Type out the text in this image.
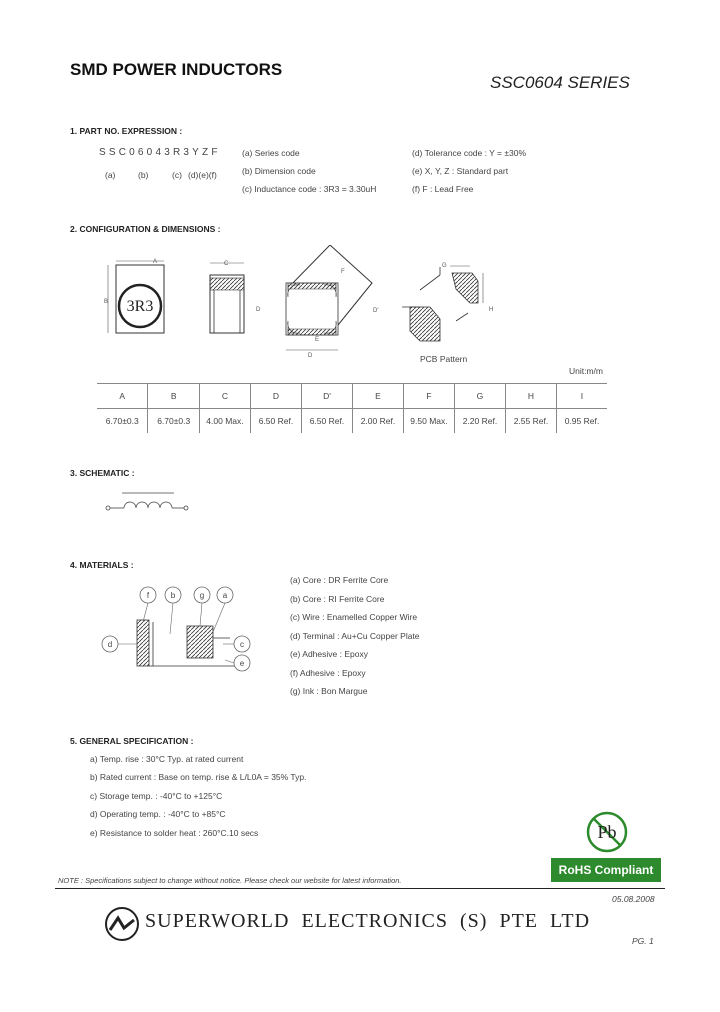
SMD POWER INDUCTORS
SSC0604 SERIES
1. PART NO. EXPRESSION :
SSC06043R3YZF
(a)	(b)	(c) (d)(e)(f)
(a) Series code
(b) Dimension code
(c) Inductance code : 3R3 = 3.30uH
(d) Tolerance code : Y = ±30%
(e) X, Y, Z : Standard part
(f) F : Lead Free
2. CONFIGURATION & DIMENSIONS :
3R3
A
B
C
D
F
D'
D
E
G
H
PCB Pattern
Unit:m/m
A	B	C	D	D'	E	F	G	H	I
6.70±0.3	6.70±0.3	4.00 Max.	6.50 Ref.	6.50 Ref.	2.00 Ref.	9.50 Max.	2.20 Ref.	2.55 Ref.	0.95 Ref.
3. SCHEMATIC :
4. MATERIALS :
f	b	g a
d	c
e
(a) Core : DR Ferrite Core
(b) Core : RI Ferrite Core
(c) Wire : Enamelled Copper Wire
(d) Terminal : Au+Cu Copper Plate
(e) Adhesive : Epoxy
(f) Adhesive : Epoxy
(g) Ink : Bon Margue
5. GENERAL SPECIFICATION :
a) Temp. rise : 30°C Typ. at rated current
b) Rated current : Base on temp. rise & L/L0A = 35% Typ.
c) Storage temp. : -40°C to +125°C
d) Operating temp. : -40°C to +85°C
e) Resistance to solder heat : 260°C.10 secs	Pb
RoHS Compliant
NOTE : Specifications subject to change without notice. Please check our website for latest information.
05.08.2008
SUPERWORLD ELECTRONICS (S) PTE LTD
PG. 1
